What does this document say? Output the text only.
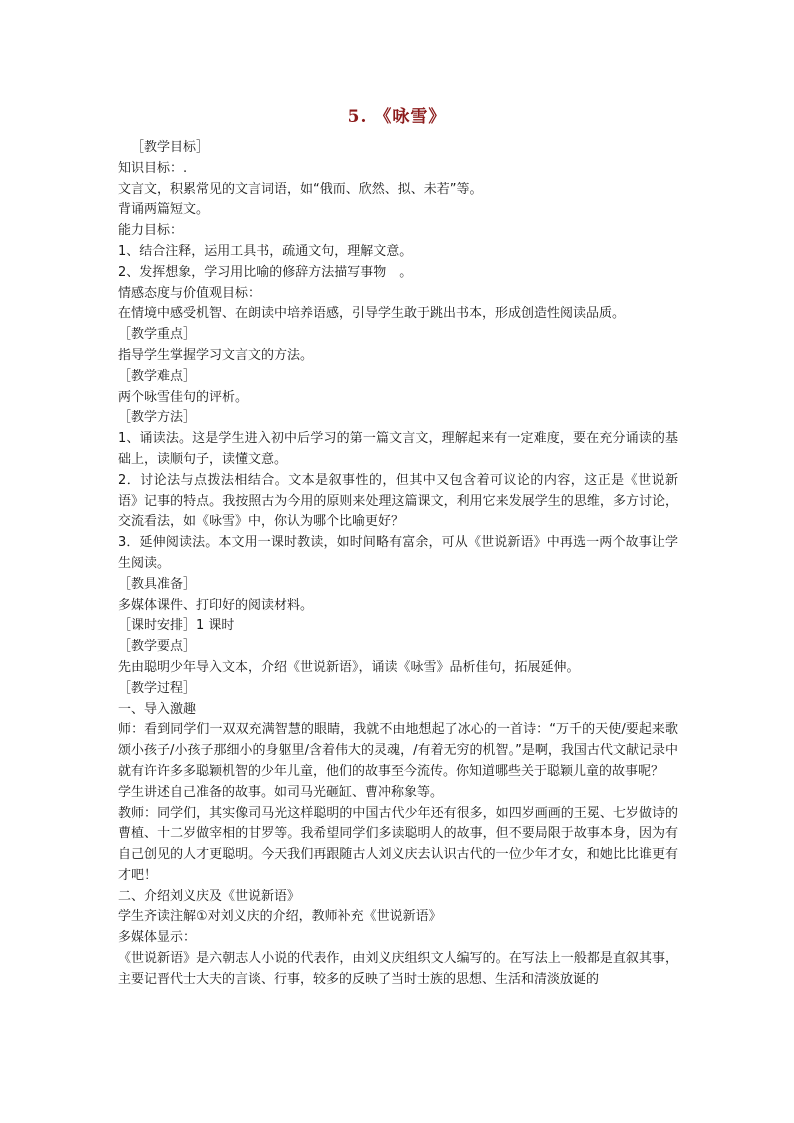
5. 《咏雪》
［教学目标］
知识目标：.
文言文，积累常见的文言词语，如“俄而、欣然、拟、未若”等。
背诵两篇短文。
能力目标：
1、结合注释，运用工具书，疏通文句，理解文意。
2、发挥想象，学习用比喻的修辞方法描写事物　。
情感态度与价值观目标：
在情境中感受机智、在朗读中培养语感，引导学生敢于跳出书本，形成创造性阅读品质。
［教学重点］
指导学生掌握学习文言文的方法。
［教学难点］
两个咏雪佳句的评析。
［教学方法］
1、诵读法。这是学生进入初中后学习的第一篇文言文，理解起来有一定难度，要在充分诵读的基础上，读顺句子，读懂文意。
2．讨论法与点拨法相结合。文本是叙事性的，但其中又包含着可议论的内容，这正是《世说新语》记事的特点。我按照古为今用的原则来处理这篇课文，利用它来发展学生的思维，多方讨论，交流看法，如《咏雪》中，你认为哪个比喻更好？
3．延伸阅读法。本文用一课时教读，如时间略有富余，可从《世说新语》中再选一两个故事让学生阅读。
［教具准备］
多媒体课件、打印好的阅读材料。
［课时安排］1 课时
［教学要点］
先由聪明少年导入文本，介绍《世说新语》，诵读《咏雪》品析佳句，拓展延伸。
［教学过程］
一、导入激趣
师：看到同学们一双双充满智慧的眼睛，我就不由地想起了冰心的一首诗：“万千的天使/要起来歌颂小孩子/小孩子那细小的身躯里/含着伟大的灵魂，/有着无穷的机智。”是啊，我国古代文献记录中就有许许多多聪颖机智的少年儿童，他们的故事至今流传。你知道哪些关于聪颖儿童的故事呢？
学生讲述自己准备的故事。如司马光砸缸、曹冲称象等。
教师：同学们，其实像司马光这样聪明的中国古代少年还有很多，如四岁画画的王冕、七岁做诗的曹植、十二岁做宰相的甘罗等。我希望同学们多读聪明人的故事，但不要局限于故事本身，因为有自己创见的人才更聪明。今天我们再跟随古人刘义庆去认识古代的一位少年才女，和她比比谁更有才吧！
二、介绍刘义庆及《世说新语》
学生齐读注解①对刘义庆的介绍，教师补充《世说新语》
多媒体显示：
《世说新语》是六朝志人小说的代表作，由刘义庆组织文人编写的。在写法上一般都是直叙其事，主要记晋代士大夫的言谈、行事，较多的反映了当时士族的思想、生活和清淡放诞的
